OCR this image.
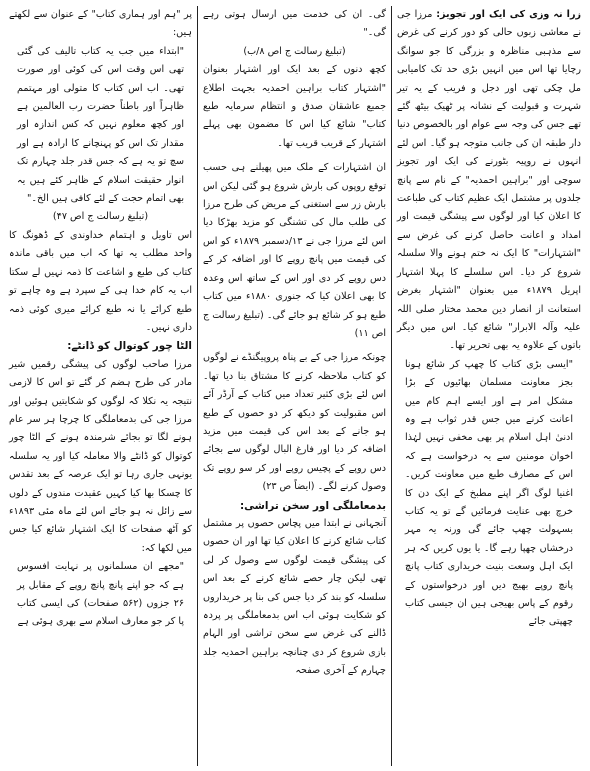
زرا نہ وزی کی ایک اور تجویز: مرزا جی نے معاشی زبوں حالی کو دور کرنے کی غرض سے مذہبی مناظرہ و بزرگی کا جو سوانگ رچایا تھا اس میں انہیں بڑی حد تک کامیابی مل چکی تھی اور دجل و فریب کے یہ تیر شہرت و قبولیت کے نشانہ پر ٹھیک بیٹھ گئے تھے جس کی وجہ سے عوام اور بالخصوص دنیا دار طبقہ ان کی جانب متوجہ ہو گیا۔ اس لئے انہوں نے روپیہ بٹورنے کی ایک اور تجویز سوچی اور "براہین احمدیہ" کے نام سے پانچ جلدوں پر مشتمل ایک عظیم کتاب کی طباعت کا اعلان کیا اور لوگوں سے پیشگی قیمت اور امداد و اعانت حاصل کرنے کی غرض سے "اشتہارات" کا ایک نہ ختم ہونے والا سلسلہ شروع کر دیا۔ اس سلسلے کا پہلا اشتہار اپریل ۱۸۷۹ء میں بعنوان "اشتہار بغرض استعانت از انصار دین محمد مختار صلی اللہ علیہ وآلہ الابرار" شائع کیا۔ اس میں دیگر باتوں کے علاوہ یہ بھی تحریر تھا۔

"ایسی بڑی کتاب کا چھپ کر شائع ہونا بجز معاونت مسلمان بھائیوں کے بڑا مشکل امر ہے اور ایسے اہم کام میں اعانت کرنے میں جس قدر ثواب ہے وہ ادنیٰ اہل اسلام پر بھی مخفی نہیں لہٰذا اخوان مومنین سے یہ درخواست ہے کہ اس کے مصارف طبع میں معاونت کریں۔ اغنیا لوگ اگر اپنے مطبخ کے ایک دن کا خرچ بھی عنایت فرمائیں گے تو یہ کتاب بسہولت چھپ جائے گی ورنہ یہ مہر درخشاں چھپا رہے گا۔ یا یوں کریں کہ ہر ایک اہل وسعت بنیت خریداری کتاب پانچ پانچ روپے بھیج دیں اور درخواستوں کے رقوم کے پاس بھیجی ہیں ان جیسی کتاب چھپتی جائے

گی۔ ان کی خدمت میں ارسال ہوتی رہے گی۔"

(تبلیغ رسالت ج اص ۸/ب)

کچھ دنوں کے بعد ایک اور اشتہار بعنوان "اشتہار کتاب براہین احمدیہ بجہت اطلاع جمیع عاشقان صدق و انتظام سرمایہ طبع کتاب" شائع کیا اس کا مضمون بھی پہلے اشتہار کے قریب قریب تھا۔

ان اشتہارات کے ملک میں پھیلنے ہی حسب توقع روپوں کی بارش شروع ہو گئی لیکن اس بارش زر سے استغنی کے مریض کی طرح مرزا کی طلب مال کی تشنگی کو مزید بھڑکا دیا اس لئے مرزا جی نے ۱۳/دسمبر ۱۸۷۹ء کو اس کی قیمت میں پانچ روپے کا اور اضافہ کر کے دس روپے کر دی اور اس کے ساتھ اس وعدہ کا بھی اعلان کیا کہ جنوری ۱۸۸۰ء میں کتاب طبع ہو کر شائع ہو جائے گی۔ (تبلیغ رسالت ج اص ۱۱)

چونکہ مرزا جی کے بے پناہ پروپیگنڈے نے لوگوں کو کتاب ملاحظہ کرنے کا مشتاق بنا دیا تھا۔ اس لئے بڑی کثیر تعداد میں کتاب کے آرڈر آئے اس مقبولیت کو دیکھ کر دو حصوں کے طبع ہو جانے کے بعد اس کی قیمت میں مزید اضافہ کر دیا اور فارغ البال لوگوں سے بجائے دس روپے کے پچیس روپے اور کر سو روپے تک وصول کرنے لگے۔ (ایضاً ص ۲۳)

بدمعاملگی اور سخن تراشی:

آنجہانی نے ابتدا میں پچاس حصوں پر مشتمل کتاب شائع کرنے کا اعلان کیا تھا اور ان حصوں کی پیشگی قیمت لوگوں سے وصول کر لی تھی لیکن چار حصے شائع کرنے کے بعد اس سلسلہ کو بند کر دیا جس کی بنا پر خریداروں کو شکایت ہوئی اب اس بدمعاملگی پر پردہ ڈالنے کی غرض سے سخن تراشی اور الہام بازی شروع کر دی چنانچہ براہین احمدیہ جلد چہارم کے آخری صفحہ

پر "ہم اور ہماری کتاب" کے عنوان سے لکھتے ہیں:

"ابتداء میں جب یہ کتاب تالیف کی گئی تھی اس وقت اس کی کوئی اور صورت تھی۔ اب اس کتاب کا متولی اور مہتمم ظاہراً اور باطناً حضرت رب العالمین ہے اور کچھ معلوم نہیں کہ کس اندازہ اور مقدار تک اس کو پہنچانے کا ارادہ ہے اور سچ تو یہ ہے کہ جس قدر جلد چہارم تک انوار حقیقت اسلام کے ظاہر کئے ہیں یہ بھی اتمام حجت کے لئے کافی ہیں الخ۔"

(تبلیغ رسالت ج اص ۴۷)

اس تاویل و اہتمام خداوندی کے ڈھونگ کا واحد مطلب یہ تھا کہ اب میں باقی ماندہ کتاب کی طبع و اشاعت کا ذمہ نہیں لے سکتا اب یہ کام خدا ہی کے سپرد ہے وہ چاہے تو طبع کرائے یا نہ طبع کرائے میری کوئی ذمہ داری نہیں۔

الٹا چور کوتوال کو ڈانٹے:

مرزا صاحب لوگوں کی پیشگی رقمیں شیر مادر کی طرح ہضم کر گئے تو اس کا لازمی نتیجہ یہ نکلا کہ لوگوں کو شکایتیں ہوئیں اور مرزا جی کی بدمعاملگی کا چرچا ہر سر عام ہونے لگا تو بجائے شرمندہ ہونے کے الٹا چور کوتوال کو ڈانٹے والا معاملہ کیا اور یہ سلسلہ یونہی جاری رہا تو ایک عرصہ کے بعد تقدس کا چسکا بھا کیا کہیں عقیدت مندوں کے دلوں سے زائل نہ ہو جائے اس لئے ماہ مئی ۱۸۹۳ء کو آٹھ صفحات کا ایک اشتہار شائع کیا جس میں لکھا کہ:

"مجھے ان مسلمانوں پر نہایت افسوس ہے کہ جو اپنے پانچ پانچ روپے کے مقابل پر ۲۶ جزوں (۵۶۲ صفحات) کی ایسی کتاب پا کر جو معارف اسلام سے بھری ہوئی ہے
